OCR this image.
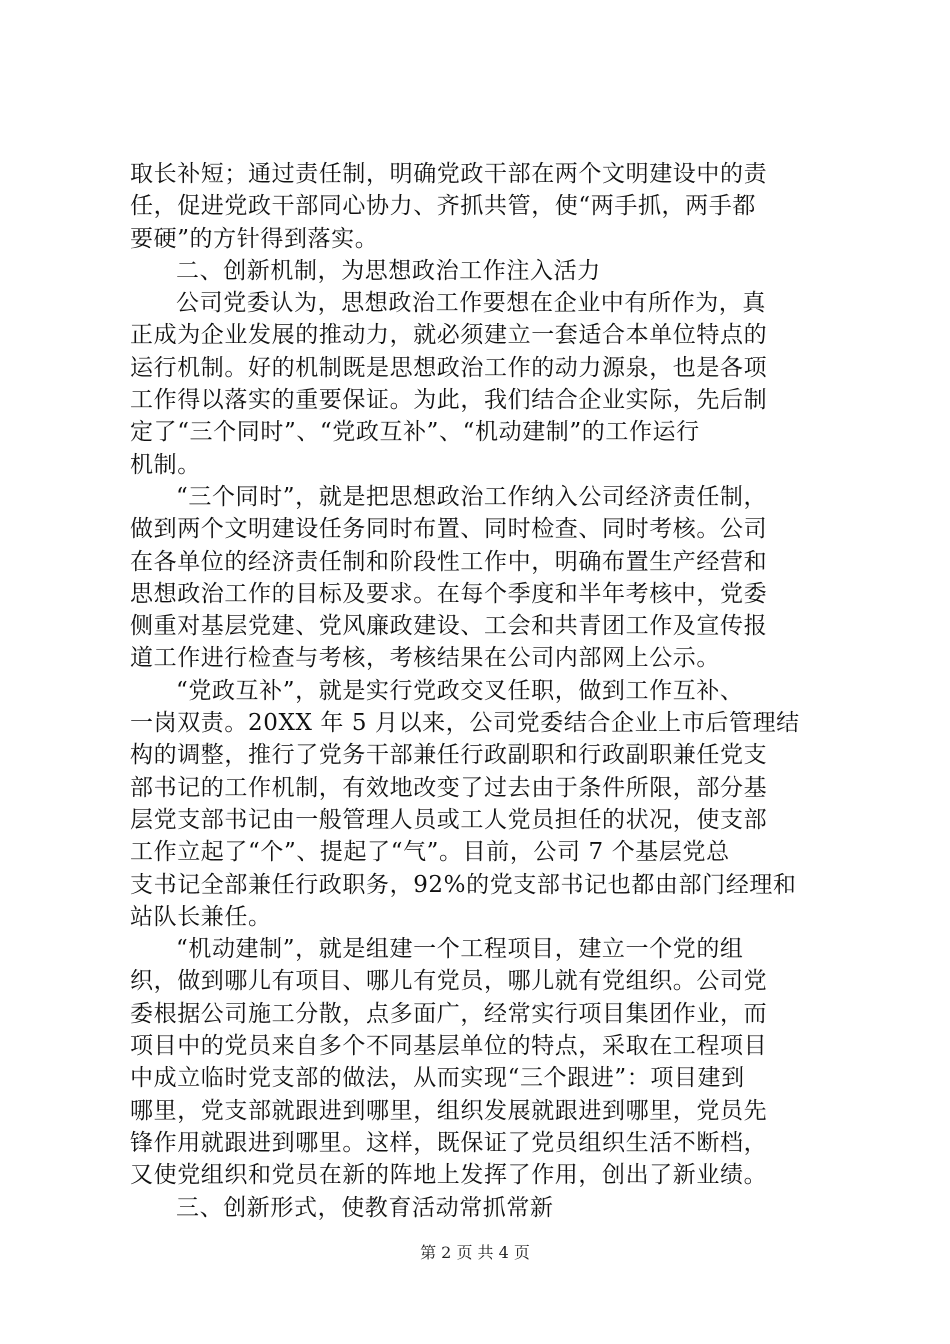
取长补短；通过责任制，明确党政干部在两个文明建设中的责
任，促进党政干部同心协力、齐抓共管，使“两手抓，两手都
要硬”的方针得到落实。
二、创新机制，为思想政治工作注入活力
公司党委认为，思想政治工作要想在企业中有所作为，真
正成为企业发展的推动力，就必须建立一套适合本单位特点的
运行机制。好的机制既是思想政治工作的动力源泉，也是各项
工作得以落实的重要保证。为此，我们结合企业实际，先后制
定了“三个同时”、“党政互补”、“机动建制”的工作运行
机制。
“三个同时”，就是把思想政治工作纳入公司经济责任制，
做到两个文明建设任务同时布置、同时检查、同时考核。公司
在各单位的经济责任制和阶段性工作中，明确布置生产经营和
思想政治工作的目标及要求。在每个季度和半年考核中，党委
侧重对基层党建、党风廉政建设、工会和共青团工作及宣传报
道工作进行检查与考核，考核结果在公司内部网上公示。
“党政互补”，就是实行党政交叉任职，做到工作互补、
一岗双责。20XX 年 5 月以来，公司党委结合企业上市后管理结
构的调整，推行了党务干部兼任行政副职和行政副职兼任党支
部书记的工作机制，有效地改变了过去由于条件所限，部分基
层党支部书记由一般管理人员或工人党员担任的状况，使支部
工作立起了“个”、提起了“气”。目前，公司 7 个基层党总
支书记全部兼任行政职务，92%的党支部书记也都由部门经理和
站队长兼任。
“机动建制”，就是组建一个工程项目，建立一个党的组
织，做到哪儿有项目、哪儿有党员，哪儿就有党组织。公司党
委根据公司施工分散，点多面广，经常实行项目集团作业，而
项目中的党员来自多个不同基层单位的特点，采取在工程项目
中成立临时党支部的做法，从而实现“三个跟进”：项目建到
哪里，党支部就跟进到哪里，组织发展就跟进到哪里，党员先
锋作用就跟进到哪里。这样，既保证了党员组织生活不断档，
又使党组织和党员在新的阵地上发挥了作用，创出了新业绩。
三、创新形式，使教育活动常抓常新
第 2 页 共 4 页
